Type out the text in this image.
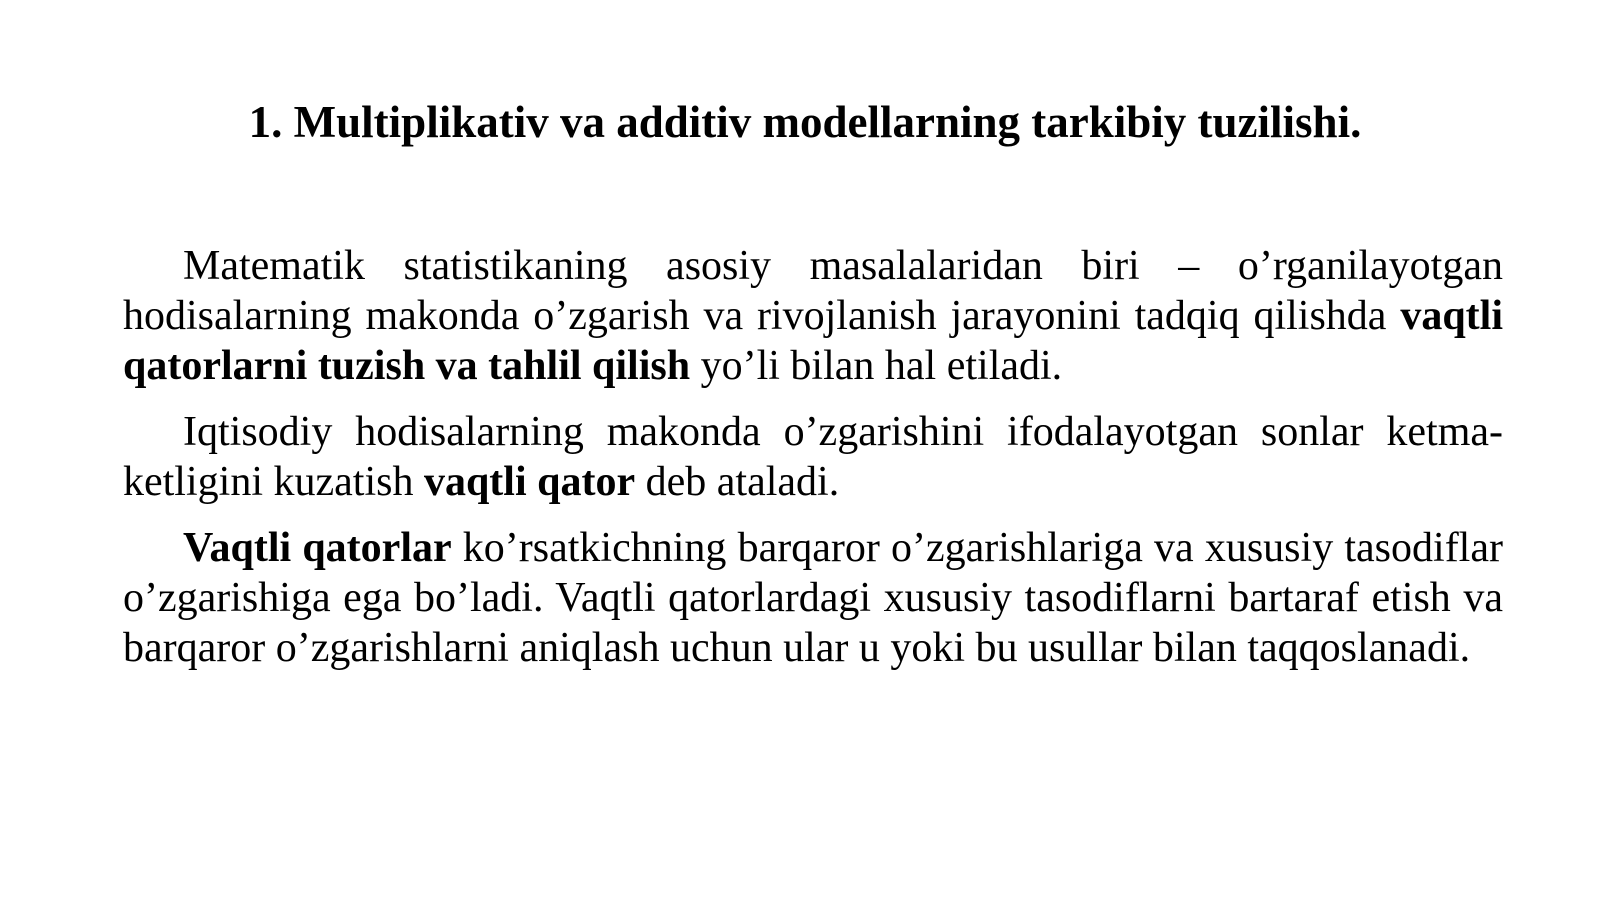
1. Multiplikativ va additiv modellarning tarkibiy tuzilishi.

Matematik statistikaning asosiy masalalaridan biri – o’rganilayotgan hodisalarning makonda o’zgarish va rivojlanish jarayonini tadqiq qilishda vaqtli qatorlarni tuzish va tahlil qilish yo’li bilan hal etiladi.

Iqtisodiy hodisalarning makonda o’zgarishini ifodalayotgan sonlar ketma-ketligini kuzatish vaqtli qator deb ataladi.

Vaqtli qatorlar ko’rsatkichning barqaror o’zgarishlariga va xususiy tasodiflar o’zgarishiga ega bo’ladi. Vaqtli qatorlardagi xususiy tasodiflarni bartaraf etish va barqaror o’zgarishlarni aniqlash uchun ular u yoki bu usullar bilan taqqoslanadi.
